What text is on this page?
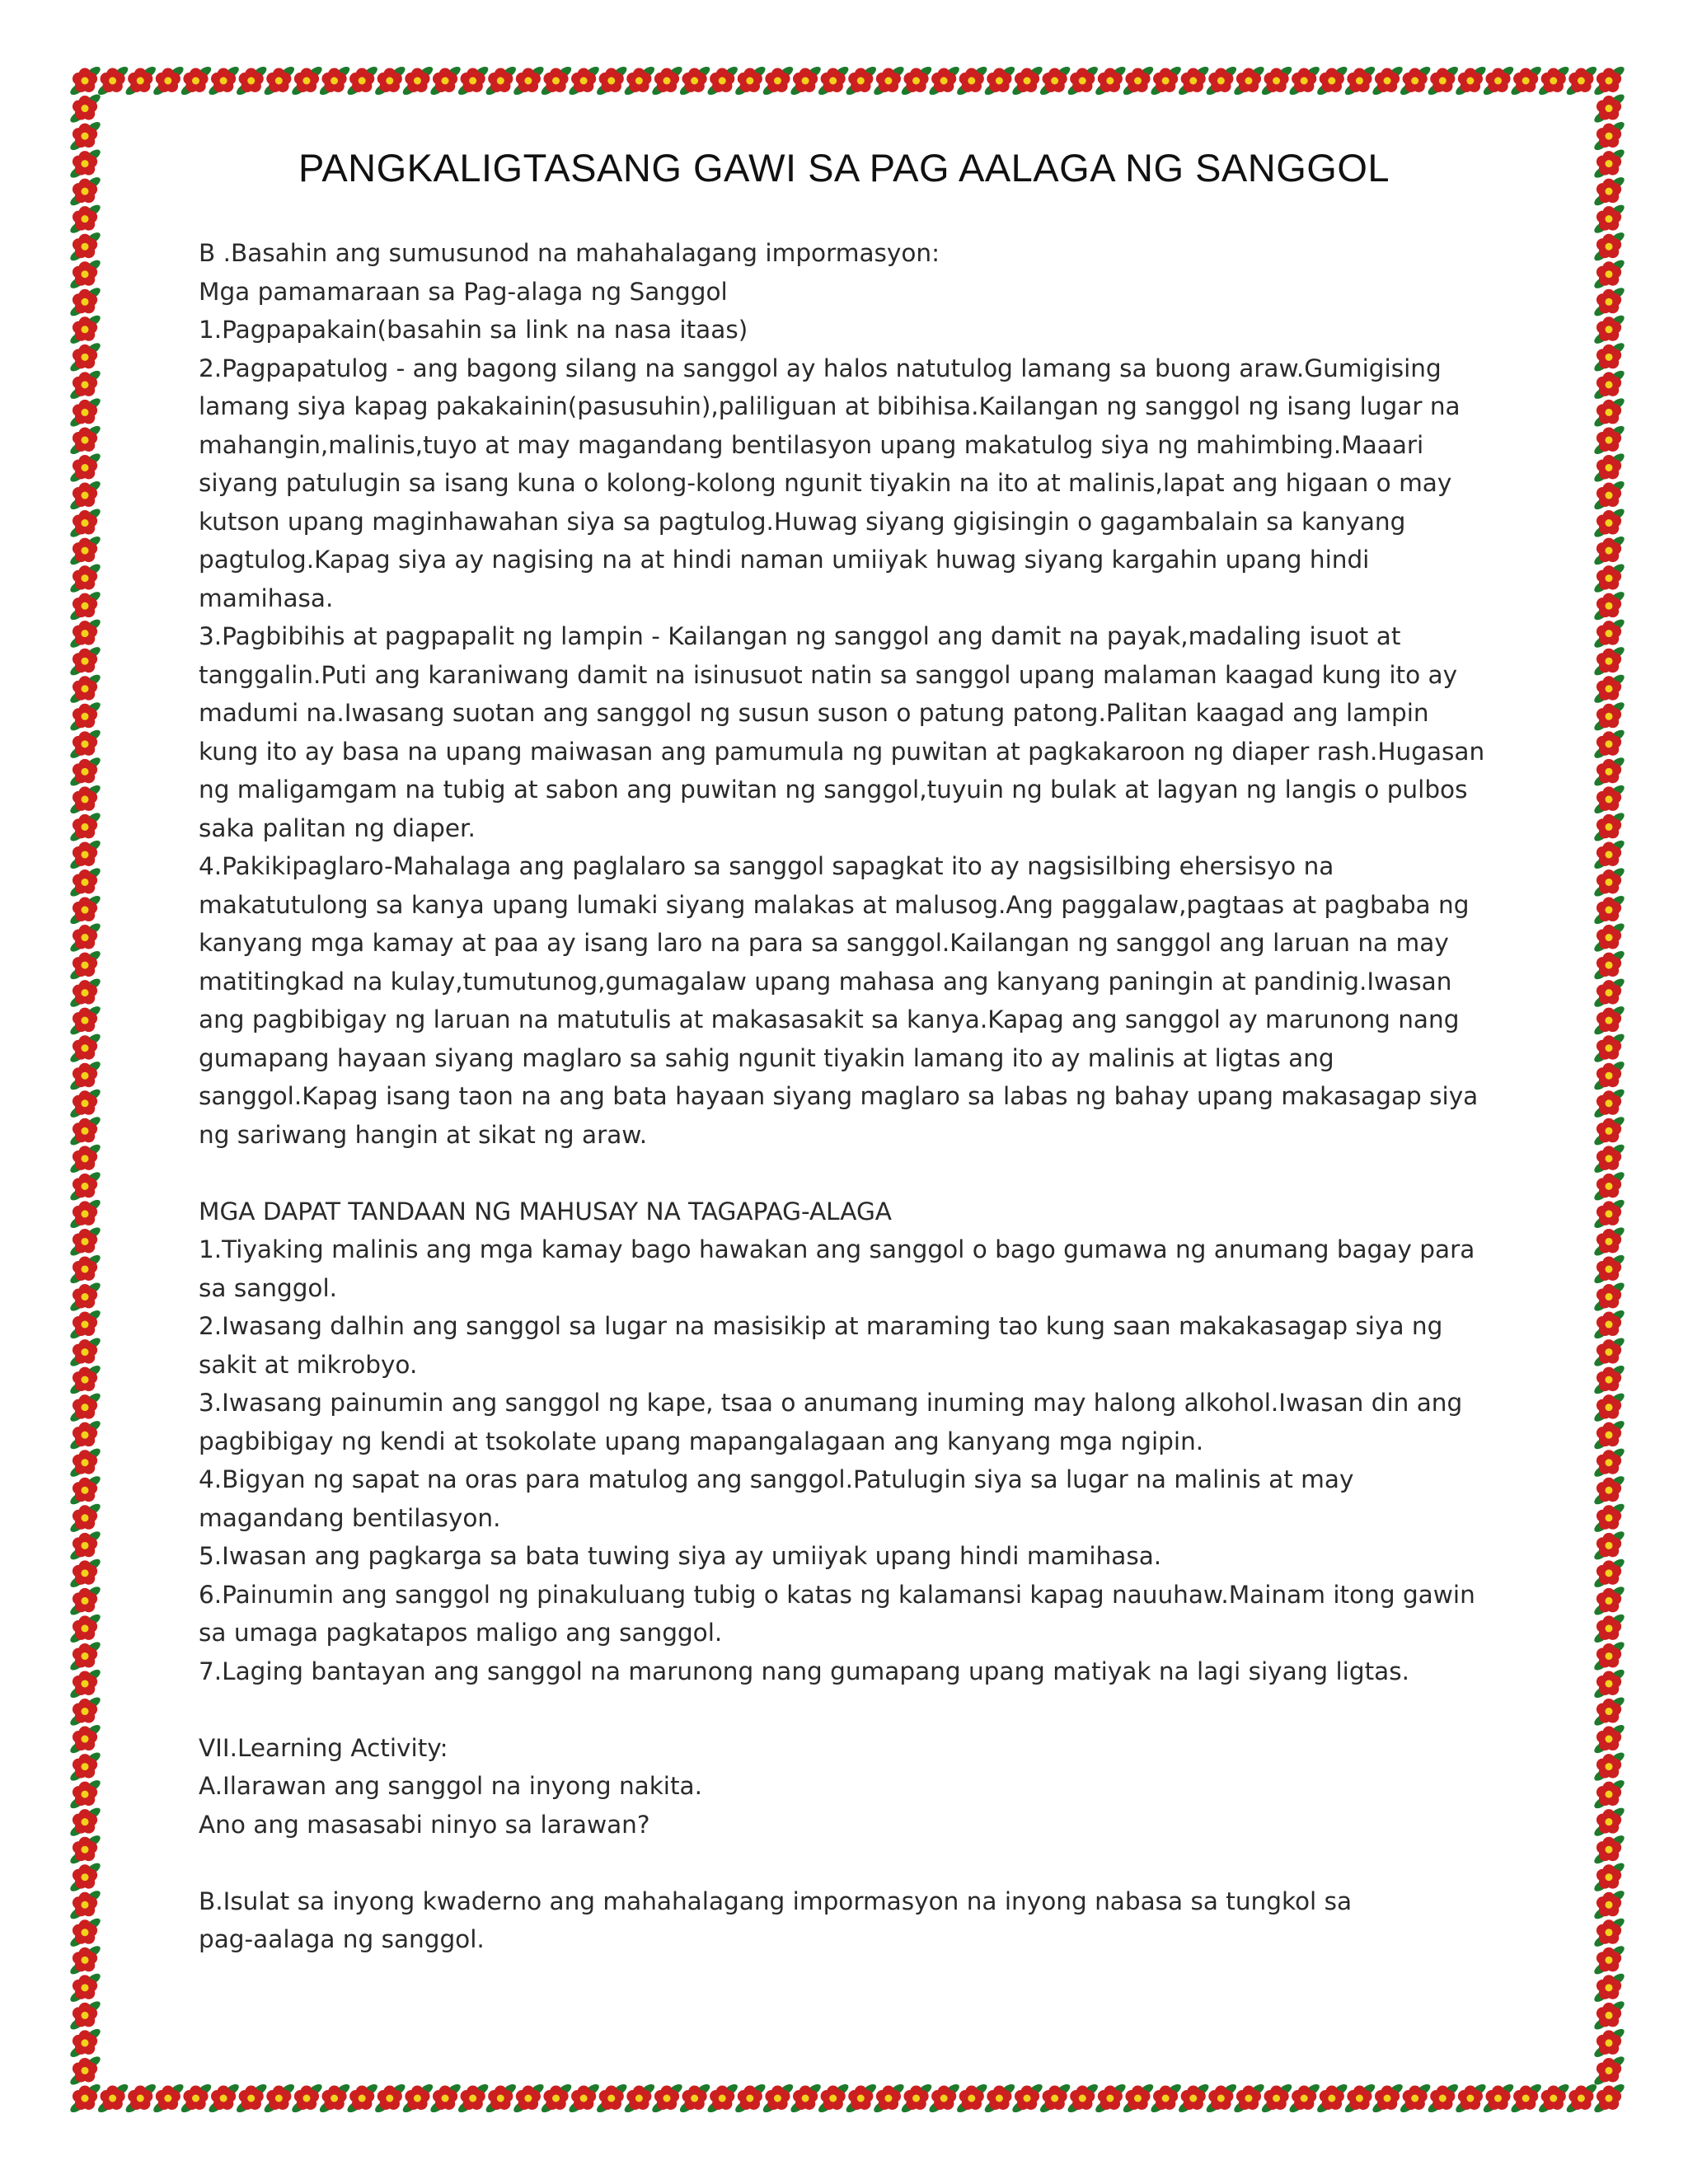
PANGKALIGTASANG GAWI SA PAG AALAGA NG SANGGOL
B .Basahin ang sumusunod na mahahalagang impormasyon:
Mga pamamaraan sa Pag-alaga ng Sanggol
1.Pagpapakain(basahin sa link na nasa itaas)
2.Pagpapatulog - ang bagong silang na sanggol ay halos natutulog lamang sa buong araw.Gumigising
lamang siya kapag pakakainin(pasusuhin),paliliguan at bibihisa.Kailangan ng sanggol ng isang lugar na
mahangin,malinis,tuyo at may magandang bentilasyon upang makatulog siya ng mahimbing.Maaari
siyang patulugin sa isang kuna o kolong-kolong ngunit tiyakin na ito at malinis,lapat ang higaan o may
kutson upang maginhawahan siya sa pagtulog.Huwag siyang gigisingin o gagambalain sa kanyang
pagtulog.Kapag siya ay nagising na at hindi naman umiiyak huwag siyang kargahin upang hindi
mamihasa.
3.Pagbibihis at pagpapalit ng lampin - Kailangan ng sanggol ang damit na payak,madaling isuot at
tanggalin.Puti ang karaniwang damit na isinusuot natin sa sanggol upang malaman kaagad kung ito ay
madumi na.Iwasang suotan ang sanggol ng susun suson o patung patong.Palitan kaagad ang lampin
kung ito ay basa na upang maiwasan ang pamumula ng puwitan at pagkakaroon ng diaper rash.Hugasan
ng maligamgam na tubig at sabon ang puwitan ng sanggol,tuyuin ng bulak at lagyan ng langis o pulbos
saka palitan ng diaper.
4.Pakikipaglaro-Mahalaga ang paglalaro sa sanggol sapagkat ito ay nagsisilbing ehersisyo na
makatutulong sa kanya upang lumaki siyang malakas at malusog.Ang paggalaw,pagtaas at pagbaba ng
kanyang mga kamay at paa ay isang laro na para sa sanggol.Kailangan ng sanggol ang laruan na may
matitingkad na kulay,tumutunog,gumagalaw upang mahasa ang kanyang paningin at pandinig.Iwasan
ang pagbibigay ng laruan na matutulis at makasasakit sa kanya.Kapag ang sanggol ay marunong nang
gumapang hayaan siyang maglaro sa sahig ngunit tiyakin lamang ito ay malinis at ligtas ang
sanggol.Kapag isang taon na ang bata hayaan siyang maglaro sa labas ng bahay upang makasagap siya
ng sariwang hangin at sikat ng araw.
MGA DAPAT TANDAAN NG MAHUSAY NA TAGAPAG-ALAGA
1.Tiyaking malinis ang mga kamay bago hawakan ang sanggol o bago gumawa ng anumang bagay para
sa sanggol.
2.Iwasang dalhin ang sanggol sa lugar na masisikip at maraming tao kung saan makakasagap siya ng
sakit at mikrobyo.
3.Iwasang painumin ang sanggol ng kape, tsaa o anumang inuming may halong alkohol.Iwasan din ang
pagbibigay ng kendi at tsokolate upang mapangalagaan ang kanyang mga ngipin.
4.Bigyan ng sapat na oras para matulog ang sanggol.Patulugin siya sa lugar na malinis at may
magandang bentilasyon.
5.Iwasan ang pagkarga sa bata tuwing siya ay umiiyak upang hindi mamihasa.
6.Painumin ang sanggol ng pinakuluang tubig o katas ng kalamansi kapag nauuhaw.Mainam itong gawin
sa umaga pagkatapos maligo ang sanggol.
7.Laging bantayan ang sanggol na marunong nang gumapang upang matiyak na lagi siyang ligtas.
VII.Learning Activity:
A.Ilarawan ang sanggol na inyong nakita.
Ano ang masasabi ninyo sa larawan?
B.Isulat sa inyong kwaderno ang mahahalagang impormasyon na inyong nabasa sa tungkol sa
pag-aalaga ng sanggol.
